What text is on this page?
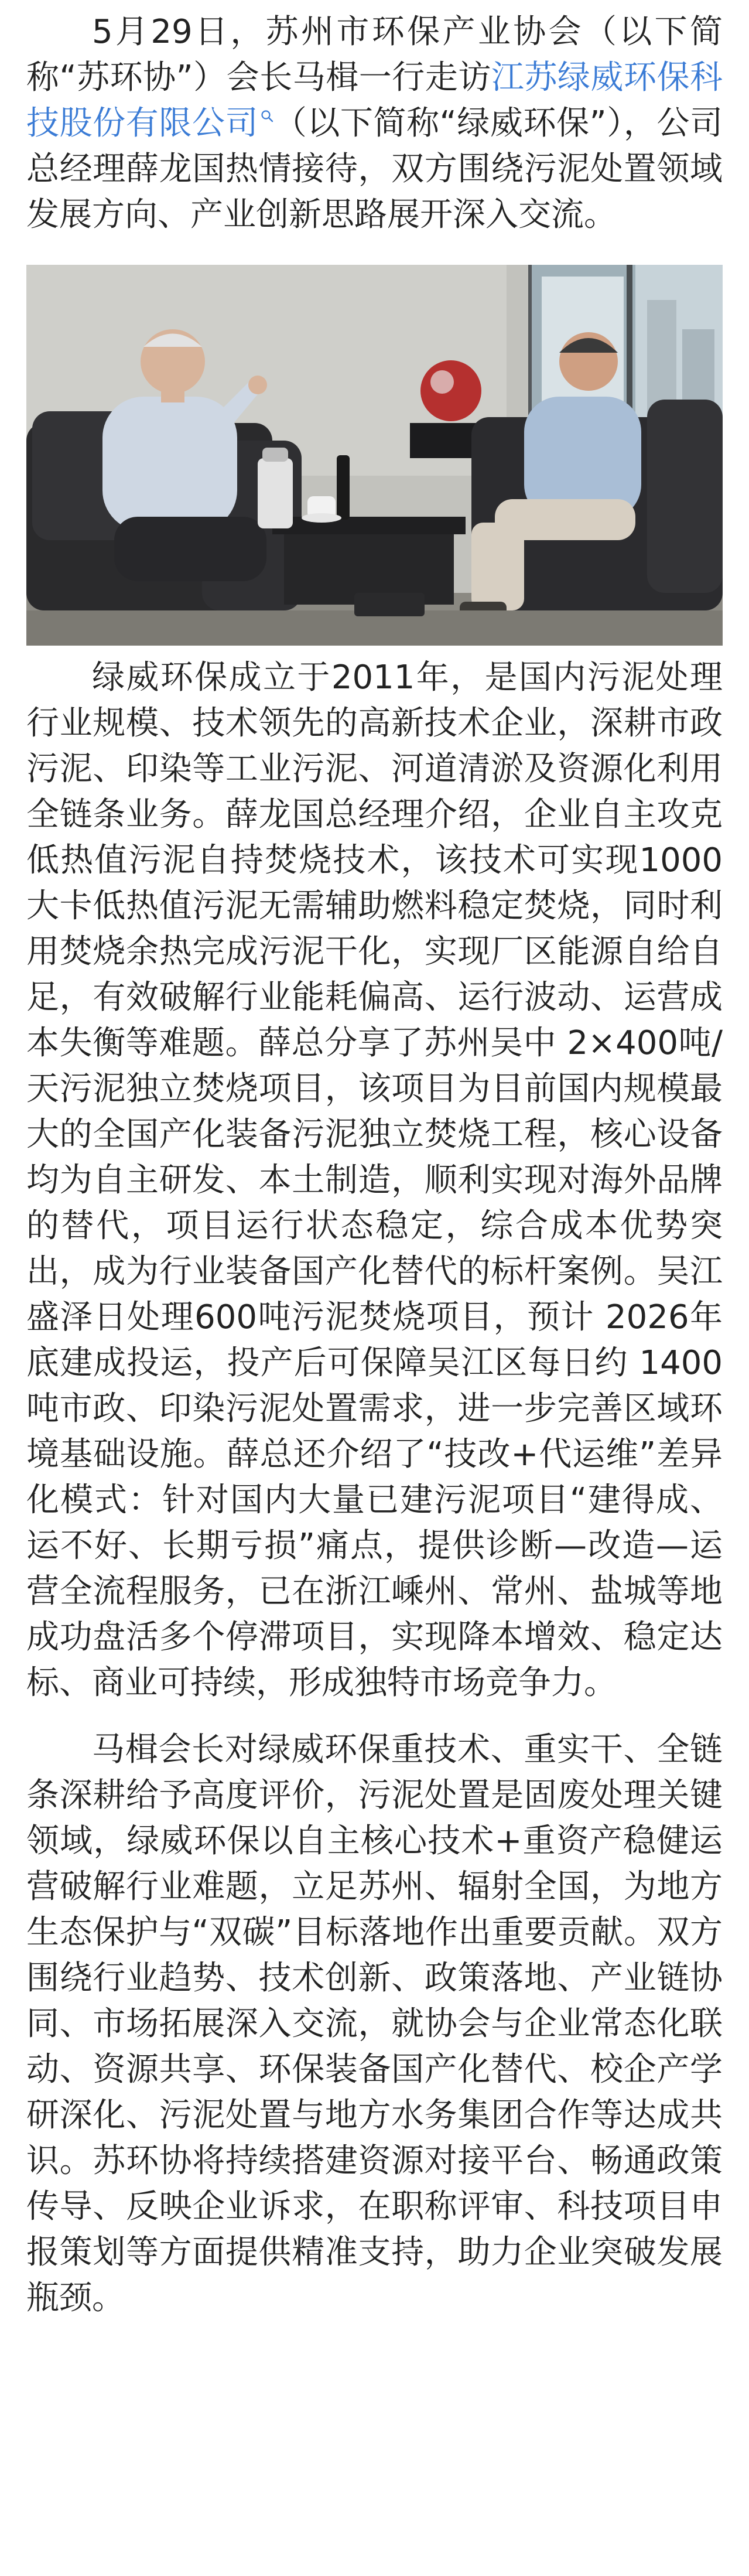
5月29日，苏州市环保产业协会（以下简称“苏环协”）会长马楫一行走访江苏绿威环保科技股份有限公司 （以下简称“绿威环保”），公司总经理薛龙国热情接待，双方围绕污泥处置领域发展方向、产业创新思路展开深入交流。

绿威环保成立于2011年，是国内污泥处理行业规模、技术领先的高新技术企业，深耕市政污泥、印染等工业污泥、河道清淤及资源化利用全链条业务。薛龙国总经理介绍，企业自主攻克低热值污泥自持焚烧技术，该技术可实现1000大卡低热值污泥无需辅助燃料稳定焚烧，同时利用焚烧余热完成污泥干化，实现厂区能源自给自足，有效破解行业能耗偏高、运行波动、运营成本失衡等难题。薛总分享了苏州吴中 2×400吨/天污泥独立焚烧项目，该项目为目前国内规模最大的全国产化装备污泥独立焚烧工程，核心设备均为自主研发、本土制造，顺利实现对海外品牌的替代，项目运行状态稳定，综合成本优势突出，成为行业装备国产化替代的标杆案例。吴江盛泽日处理600吨污泥焚烧项目，预计 2026年底建成投运，投产后可保障吴江区每日约 1400 吨市政、印染污泥处置需求，进一步完善区域环境基础设施。薛总还介绍了“技改+代运维”差异化模式：针对国内大量已建污泥项目“建得成、运不好、长期亏损”痛点，提供诊断—改造—运营全流程服务，已在浙江嵊州、常州、盐城等地成功盘活多个停滞项目，实现降本增效、稳定达标、商业可持续，形成独特市场竞争力。

马楫会长对绿威环保重技术、重实干、全链条深耕给予高度评价，污泥处置是固废处理关键领域，绿威环保以自主核心技术+重资产稳健运营破解行业难题，立足苏州、辐射全国，为地方生态保护与“双碳”目标落地作出重要贡献。双方围绕行业趋势、技术创新、政策落地、产业链协同、市场拓展深入交流，就协会与企业常态化联动、资源共享、环保装备国产化替代、校企产学研深化、污泥处置与地方水务集团合作等达成共识。苏环协将持续搭建资源对接平台、畅通政策传导、反映企业诉求，在职称评审、科技项目申报策划等方面提供精准支持，助力企业突破发展瓶颈。
